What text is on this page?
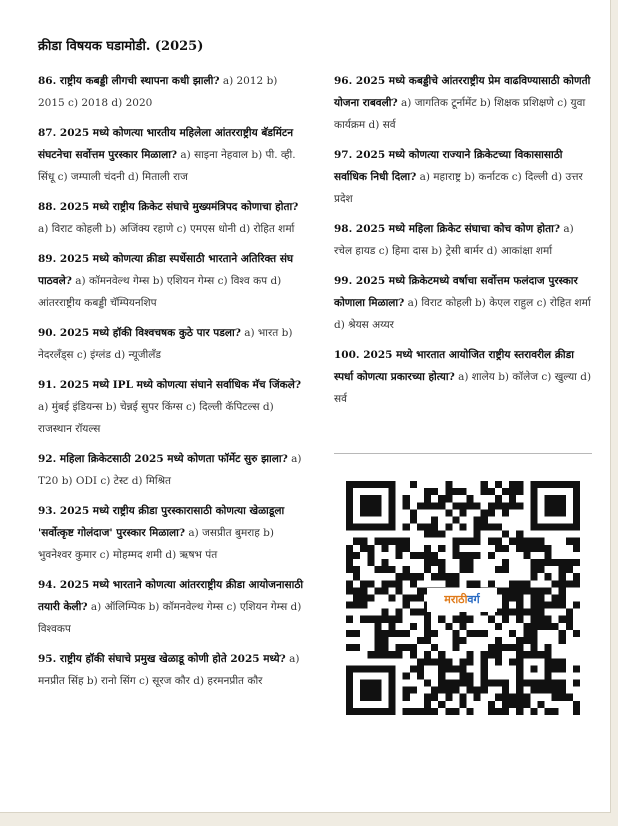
क्रीडा विषयक घडामोडी. (2025)

86. राष्ट्रीय कबड्डी लीगची स्थापना कधी झाली? a) 2012 b) 2015 c) 2018 d) 2020

87. 2025 मध्ये कोणत्या भारतीय महिलेला आंतरराष्ट्रीय बॅडमिंटन संघटनेचा सर्वोत्तम पुरस्कार मिळाला? a) साइना नेहवाल b) पी. व्ही. सिंधू c) जम्पाली चंदनी d) मिताली राज

88. 2025 मध्ये राष्ट्रीय क्रिकेट संघाचे मुख्यमंत्रिपद कोणाचा होता? a) विराट कोहली b) अजिंक्य रहाणे c) एमएस धोनी d) रोहित शर्मा

89. 2025 मध्ये कोणत्या क्रीडा स्पर्धेसाठी भारताने अतिरिक्त संघ पाठवले? a) कॉमनवेल्थ गेम्स b) एशियन गेम्स c) विश्व कप d) आंतरराष्ट्रीय कबड्डी चॅम्पियनशिप

90. 2025 मध्ये हॉकी विश्वचषक कुठे पार पडला? a) भारत b) नेदरलँड्स c) इंग्लंड d) न्यूजीलँड

91. 2025 मध्ये IPL मध्ये कोणत्या संघाने सर्वाधिक मॅच जिंकले? a) मुंबई इंडियन्स b) चेन्नई सुपर किंग्स c) दिल्ली कॅपिटल्स d) राजस्थान रॉयल्स

92. महिला क्रिकेटसाठी 2025 मध्ये कोणता फॉर्मेट सुरु झाला? a) T20 b) ODI c) टेस्ट d) मिश्रित

93. 2025 मध्ये राष्ट्रीय क्रीडा पुरस्कारासाठी कोणत्या खेळाडूला 'सर्वोत्कृष्ट गोलंदाज' पुरस्कार मिळाला? a) जसप्रीत बुमराह b) भुवनेश्वर कुमार c) मोहम्मद शमी d) ऋषभ पंत

94. 2025 मध्ये भारताने कोणत्या आंतरराष्ट्रीय क्रीडा आयोजनासाठी तयारी केली? a) ऑलिम्पिक b) कॉमनवेल्थ गेम्स c) एशियन गेम्स d) विश्वकप

95. राष्ट्रीय हॉकी संघाचे प्रमुख खेळाडू कोणी होते 2025 मध्ये? a) मनप्रीत सिंह b) रानो सिंग c) सूरज कौर d) हरमनप्रीत कौर

96. 2025 मध्ये कबड्डीचे आंतरराष्ट्रीय प्रेम वाढविण्यासाठी कोणती योजना राबवली? a) जागतिक टूर्नामेंट b) शिक्षक प्रशिक्षणे c) युवा कार्यक्रम d) सर्व

97. 2025 मध्ये कोणत्या राज्याने क्रिकेटच्या विकासासाठी सर्वाधिक निधी दिला? a) महाराष्ट्र b) कर्नाटक c) दिल्ली d) उत्तर प्रदेश

98. 2025 मध्ये महिला क्रिकेट संघाचा कोच कोण होता? a) रचेल हायड c) हिमा दास b) ट्रेसी बार्मर d) आकांक्षा शर्मा

99. 2025 मध्ये क्रिकेटमध्ये वर्षाचा सर्वोत्तम फलंदाज पुरस्कार कोणाला मिळाला? a) विराट कोहली b) केएल राहुल c) रोहित शर्मा d) श्रेयस अय्यर

100. 2025 मध्ये भारतात आयोजित राष्ट्रीय स्तरावरील क्रीडा स्पर्धा कोणत्या प्रकारच्या होत्या? a) शालेय b) कॉलेज c) खुल्या d) सर्व

मराठीवर्ग
